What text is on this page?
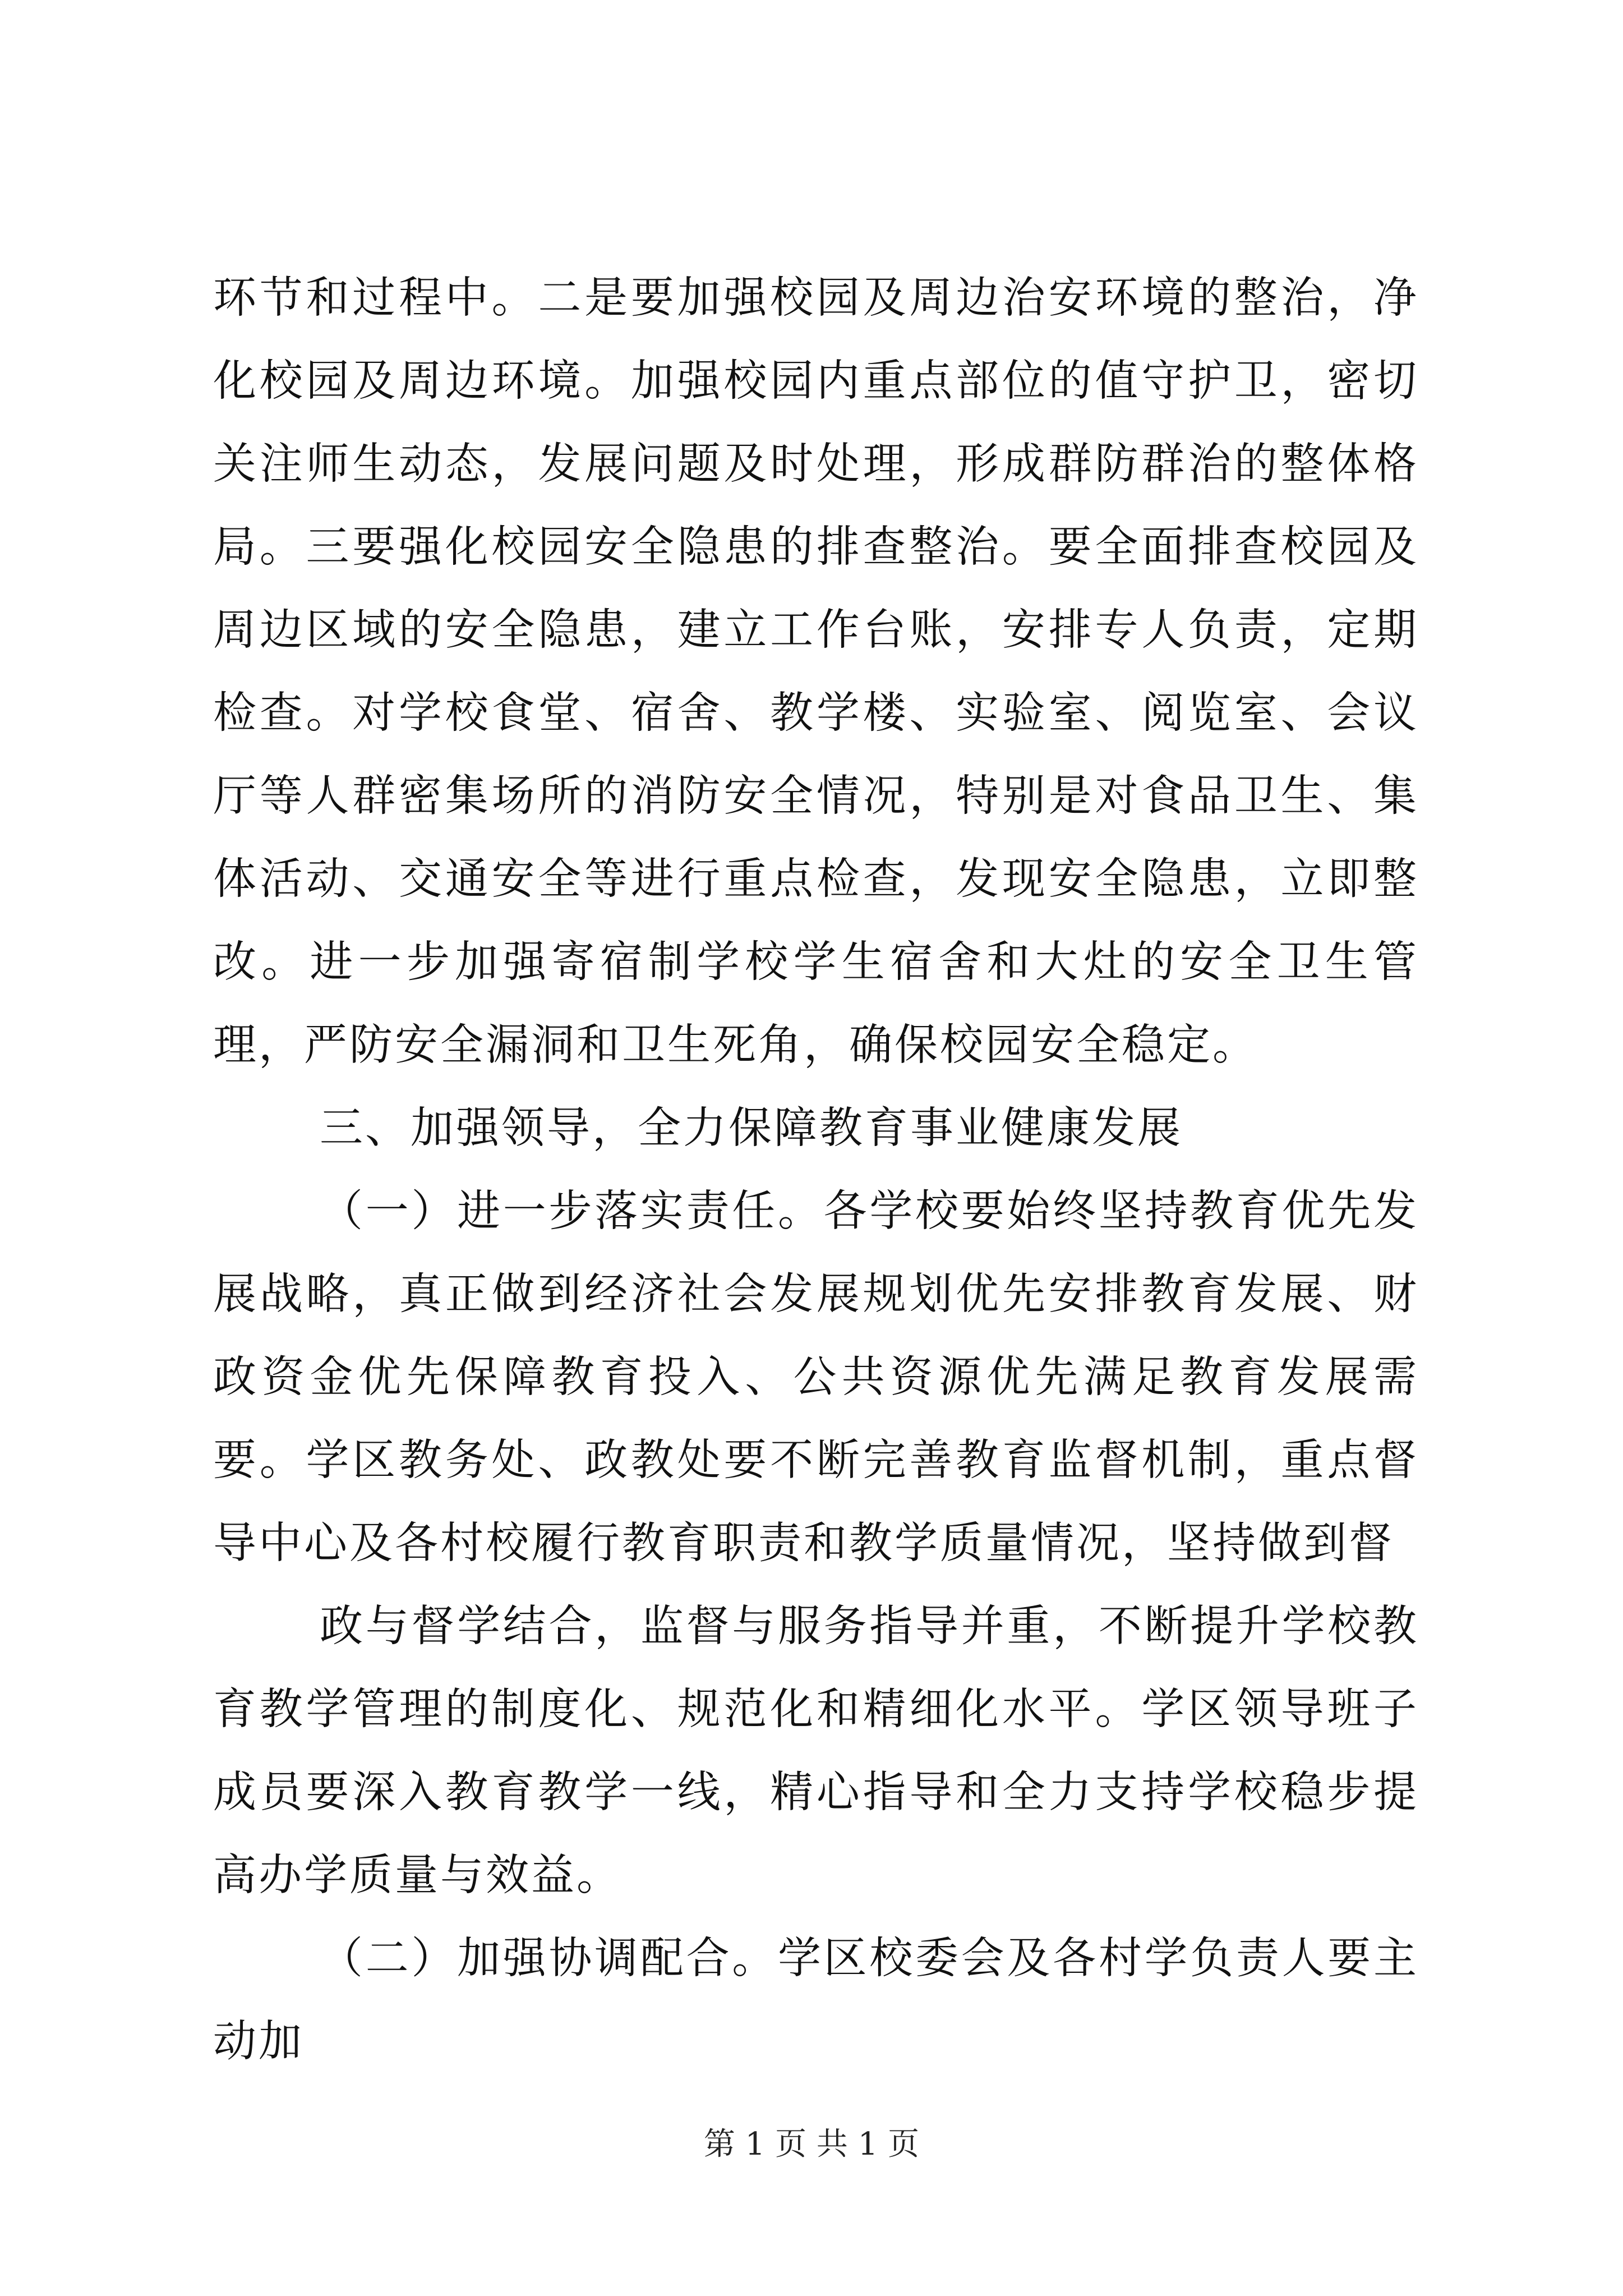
环节和过程中。二是要加强校园及周边治安环境的整治，净化校园及周边环境。加强校园内重点部位的值守护卫，密切关注师生动态，发展问题及时处理，形成群防群治的整体格局。三要强化校园安全隐患的排查整治。要全面排查校园及周边区域的安全隐患，建立工作台账，安排专人负责，定期检查。对学校食堂、宿舍、教学楼、实验室、阅览室、会议厅等人群密集场所的消防安全情况，特别是对食品卫生、集体活动、交通安全等进行重点检查，发现安全隐患，立即整改。进一步加强寄宿制学校学生宿舍和大灶的安全卫生管理，严防安全漏洞和卫生死角，确保校园安全稳定。

三、加强领导，全力保障教育事业健康发展

（一）进一步落实责任。各学校要始终坚持教育优先发展战略，真正做到经济社会发展规划优先安排教育发展、财政资金优先保障教育投入、公共资源优先满足教育发展需要。学区教务处、政教处要不断完善教育监督机制，重点督导中心及各村校履行教育职责和教学质量情况，坚持做到督

政与督学结合，监督与服务指导并重，不断提升学校教育教学管理的制度化、规范化和精细化水平。学区领导班子成员要深入教育教学一线，精心指导和全力支持学校稳步提高办学质量与效益。

（二）加强协调配合。学区校委会及各村学负责人要主动加

第 1 页 共 1 页
